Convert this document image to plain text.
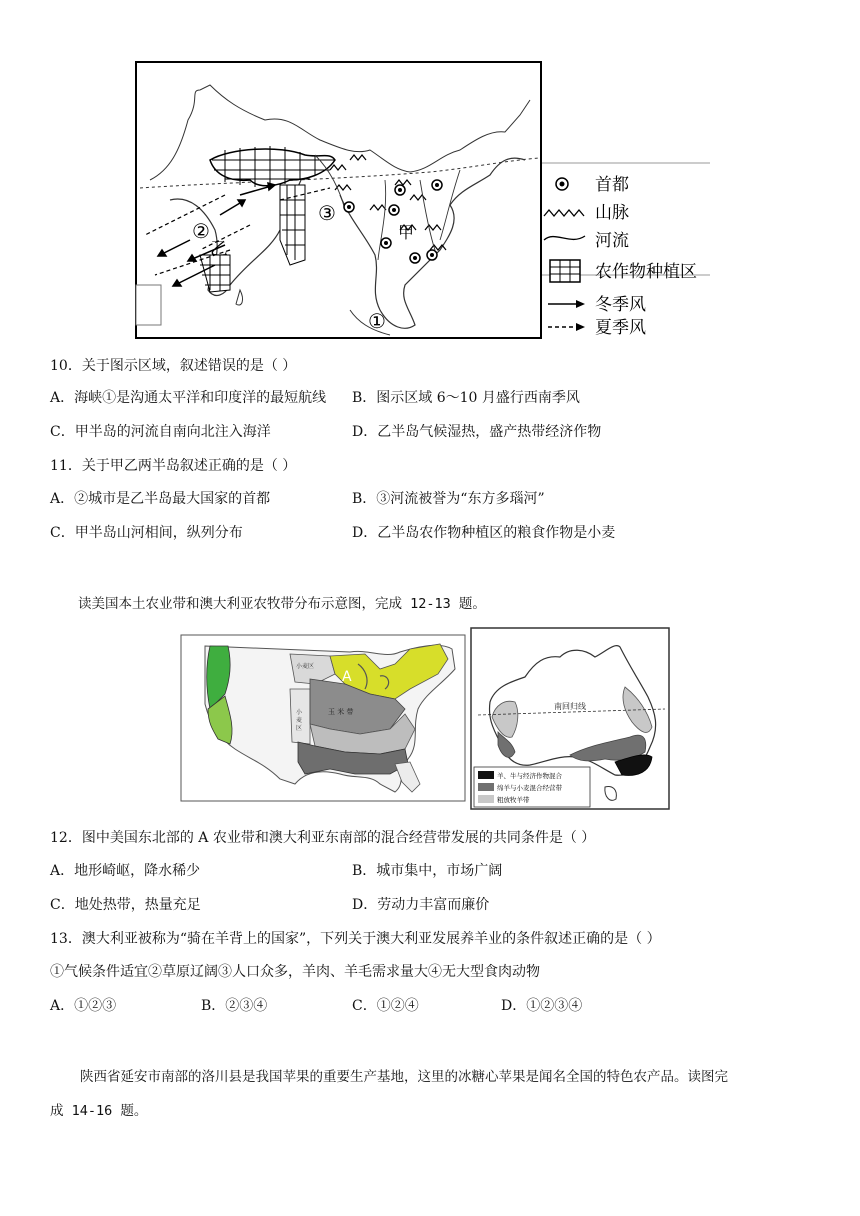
②
乙
③
甲
①
首都
山脉
河流
农作物种植区
冬季风
夏季风
10．关于图示区域，叙述错误的是（ ）
A．海峡①是沟通太平洋和印度洋的最短航线 B．图示区域 6～10 月盛行西南季风
C．甲半岛的河流自南向北注入海洋	D．乙半岛气候湿热，盛产热带经济作物
11．关于甲乙两半岛叙述正确的是（ ）
A．②城市是乙半岛最大国家的首都	B．③河流被誉为“东方多瑙河”
C．甲半岛山河相间，纵列分布	D．乙半岛农作物种植区的粮食作物是小麦
读美国本土农业带和澳大利亚农牧带分布示意图，完成 12-13 题。
A
小麦区
玉 米 带
小麦区
南回归线
羊、牛与经济作物混合
绵羊与小麦混合经营带
粗放牧羊带
12．图中美国东北部的 A 农业带和澳大利亚东南部的混合经营带发展的共同条件是（ ）
A．地形崎岖，降水稀少	B．城市集中，市场广阔
C．地处热带，热量充足	D．劳动力丰富而廉价
13．澳大利亚被称为“骑在羊背上的国家”，下列关于澳大利亚发展养羊业的条件叙述正确的是（ ）
①气候条件适宜②草原辽阔③人口众多，羊肉、羊毛需求量大④无大型食肉动物
A．①②③	B．②③④	C．①②④	D．①②③④
陕西省延安市南部的洛川县是我国苹果的重要生产基地，这里的冰糖心苹果是闻名全国的特色农产品。读图完
成 14-16 题。
